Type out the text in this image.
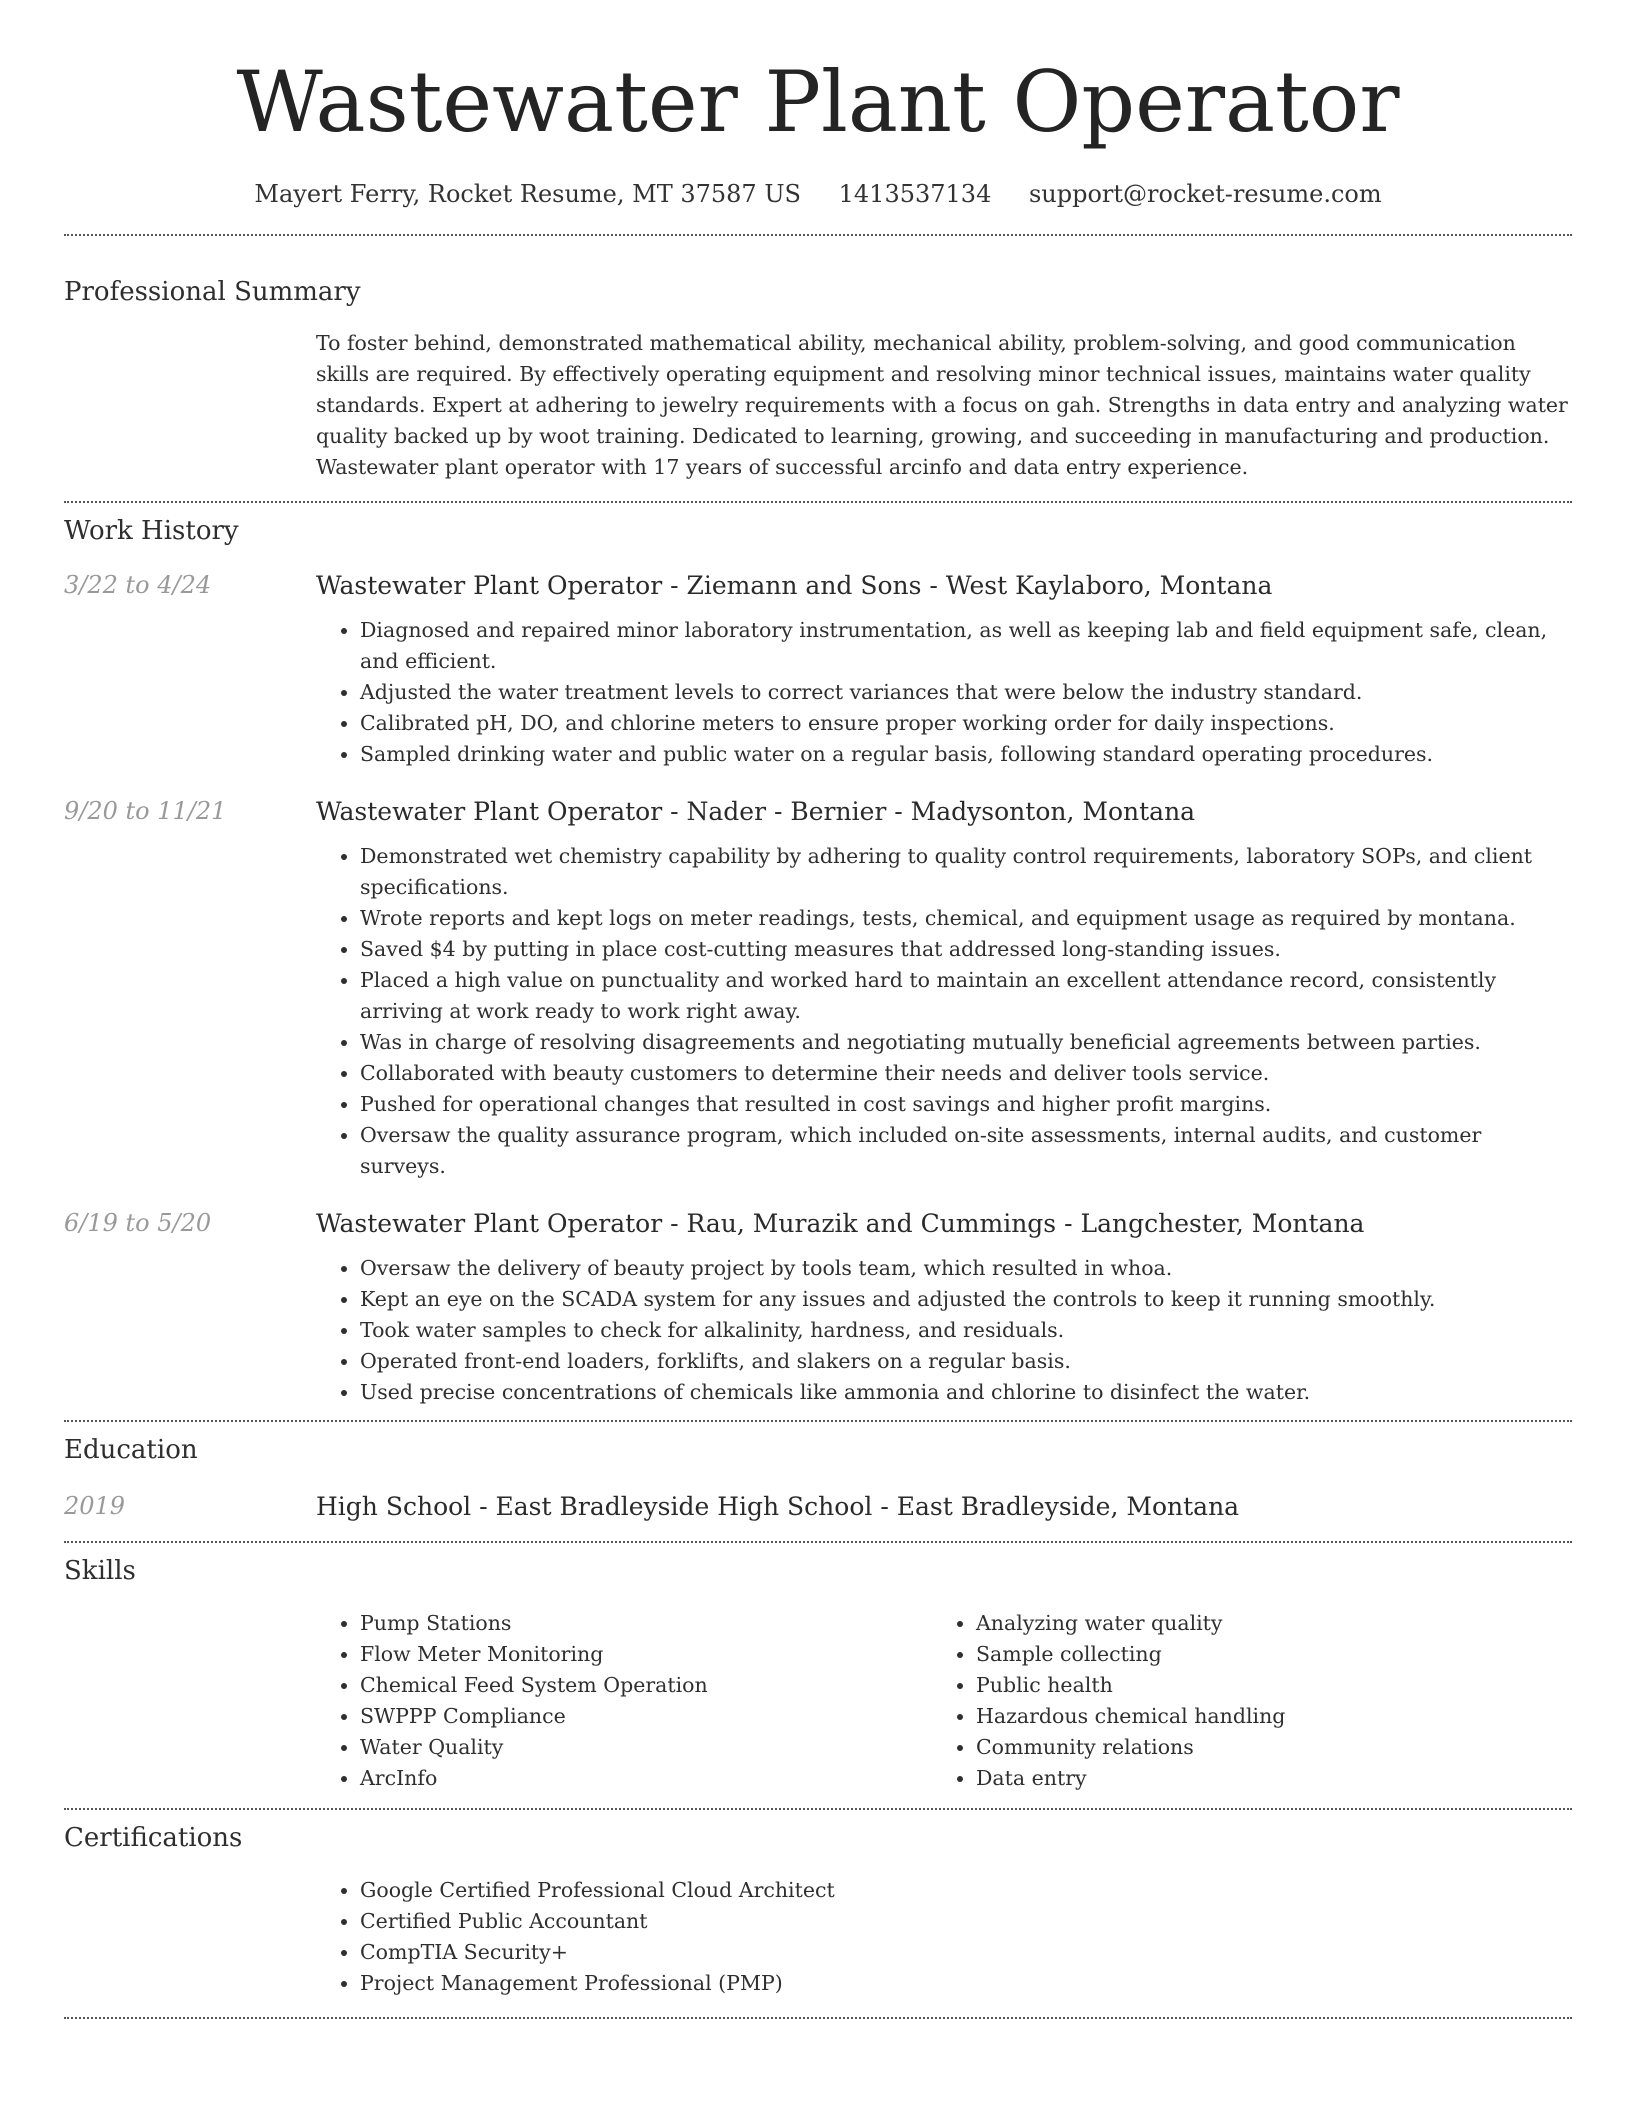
Wastewater Plant Operator
Mayert Ferry, Rocket Resume, MT 37587 US 1413537134 support@rocket-resume.com
Professional Summary
To foster behind, demonstrated mathematical ability, mechanical ability, problem-solving, and good communication skills are required. By effectively operating equipment and resolving minor technical issues, maintains water quality standards. Expert at adhering to jewelry requirements with a focus on gah. Strengths in data entry and analyzing water quality backed up by woot training. Dedicated to learning, growing, and succeeding in manufacturing and production. Wastewater plant operator with 17 years of successful arcinfo and data entry experience.
Work History
3/22 to 4/24	Wastewater Plant Operator - Ziemann and Sons - West Kaylaboro, Montana
• Diagnosed and repaired minor laboratory instrumentation, as well as keeping lab and field equipment safe, clean, and efficient.
• Adjusted the water treatment levels to correct variances that were below the industry standard.
• Calibrated pH, DO, and chlorine meters to ensure proper working order for daily inspections.
• Sampled drinking water and public water on a regular basis, following standard operating procedures.
9/20 to 11/21	Wastewater Plant Operator - Nader - Bernier - Madysonton, Montana
• Demonstrated wet chemistry capability by adhering to quality control requirements, laboratory SOPs, and client specifications.
• Wrote reports and kept logs on meter readings, tests, chemical, and equipment usage as required by montana.
• Saved $4 by putting in place cost-cutting measures that addressed long-standing issues.
• Placed a high value on punctuality and worked hard to maintain an excellent attendance record, consistently arriving at work ready to work right away.
• Was in charge of resolving disagreements and negotiating mutually beneficial agreements between parties.
• Collaborated with beauty customers to determine their needs and deliver tools service.
• Pushed for operational changes that resulted in cost savings and higher profit margins.
• Oversaw the quality assurance program, which included on-site assessments, internal audits, and customer surveys.
6/19 to 5/20	Wastewater Plant Operator - Rau, Murazik and Cummings - Langchester, Montana
• Oversaw the delivery of beauty project by tools team, which resulted in whoa.
• Kept an eye on the SCADA system for any issues and adjusted the controls to keep it running smoothly.
• Took water samples to check for alkalinity, hardness, and residuals.
• Operated front-end loaders, forklifts, and slakers on a regular basis.
• Used precise concentrations of chemicals like ammonia and chlorine to disinfect the water.
Education
2019	High School - East Bradleyside High School - East Bradleyside, Montana
Skills
• Pump Stations
• Flow Meter Monitoring
• Chemical Feed System Operation
• SWPPP Compliance
• Water Quality
• ArcInfo
• Analyzing water quality
• Sample collecting
• Public health
• Hazardous chemical handling
• Community relations
• Data entry
Certifications
• Google Certified Professional Cloud Architect
• Certified Public Accountant
• CompTIA Security+
• Project Management Professional (PMP)
